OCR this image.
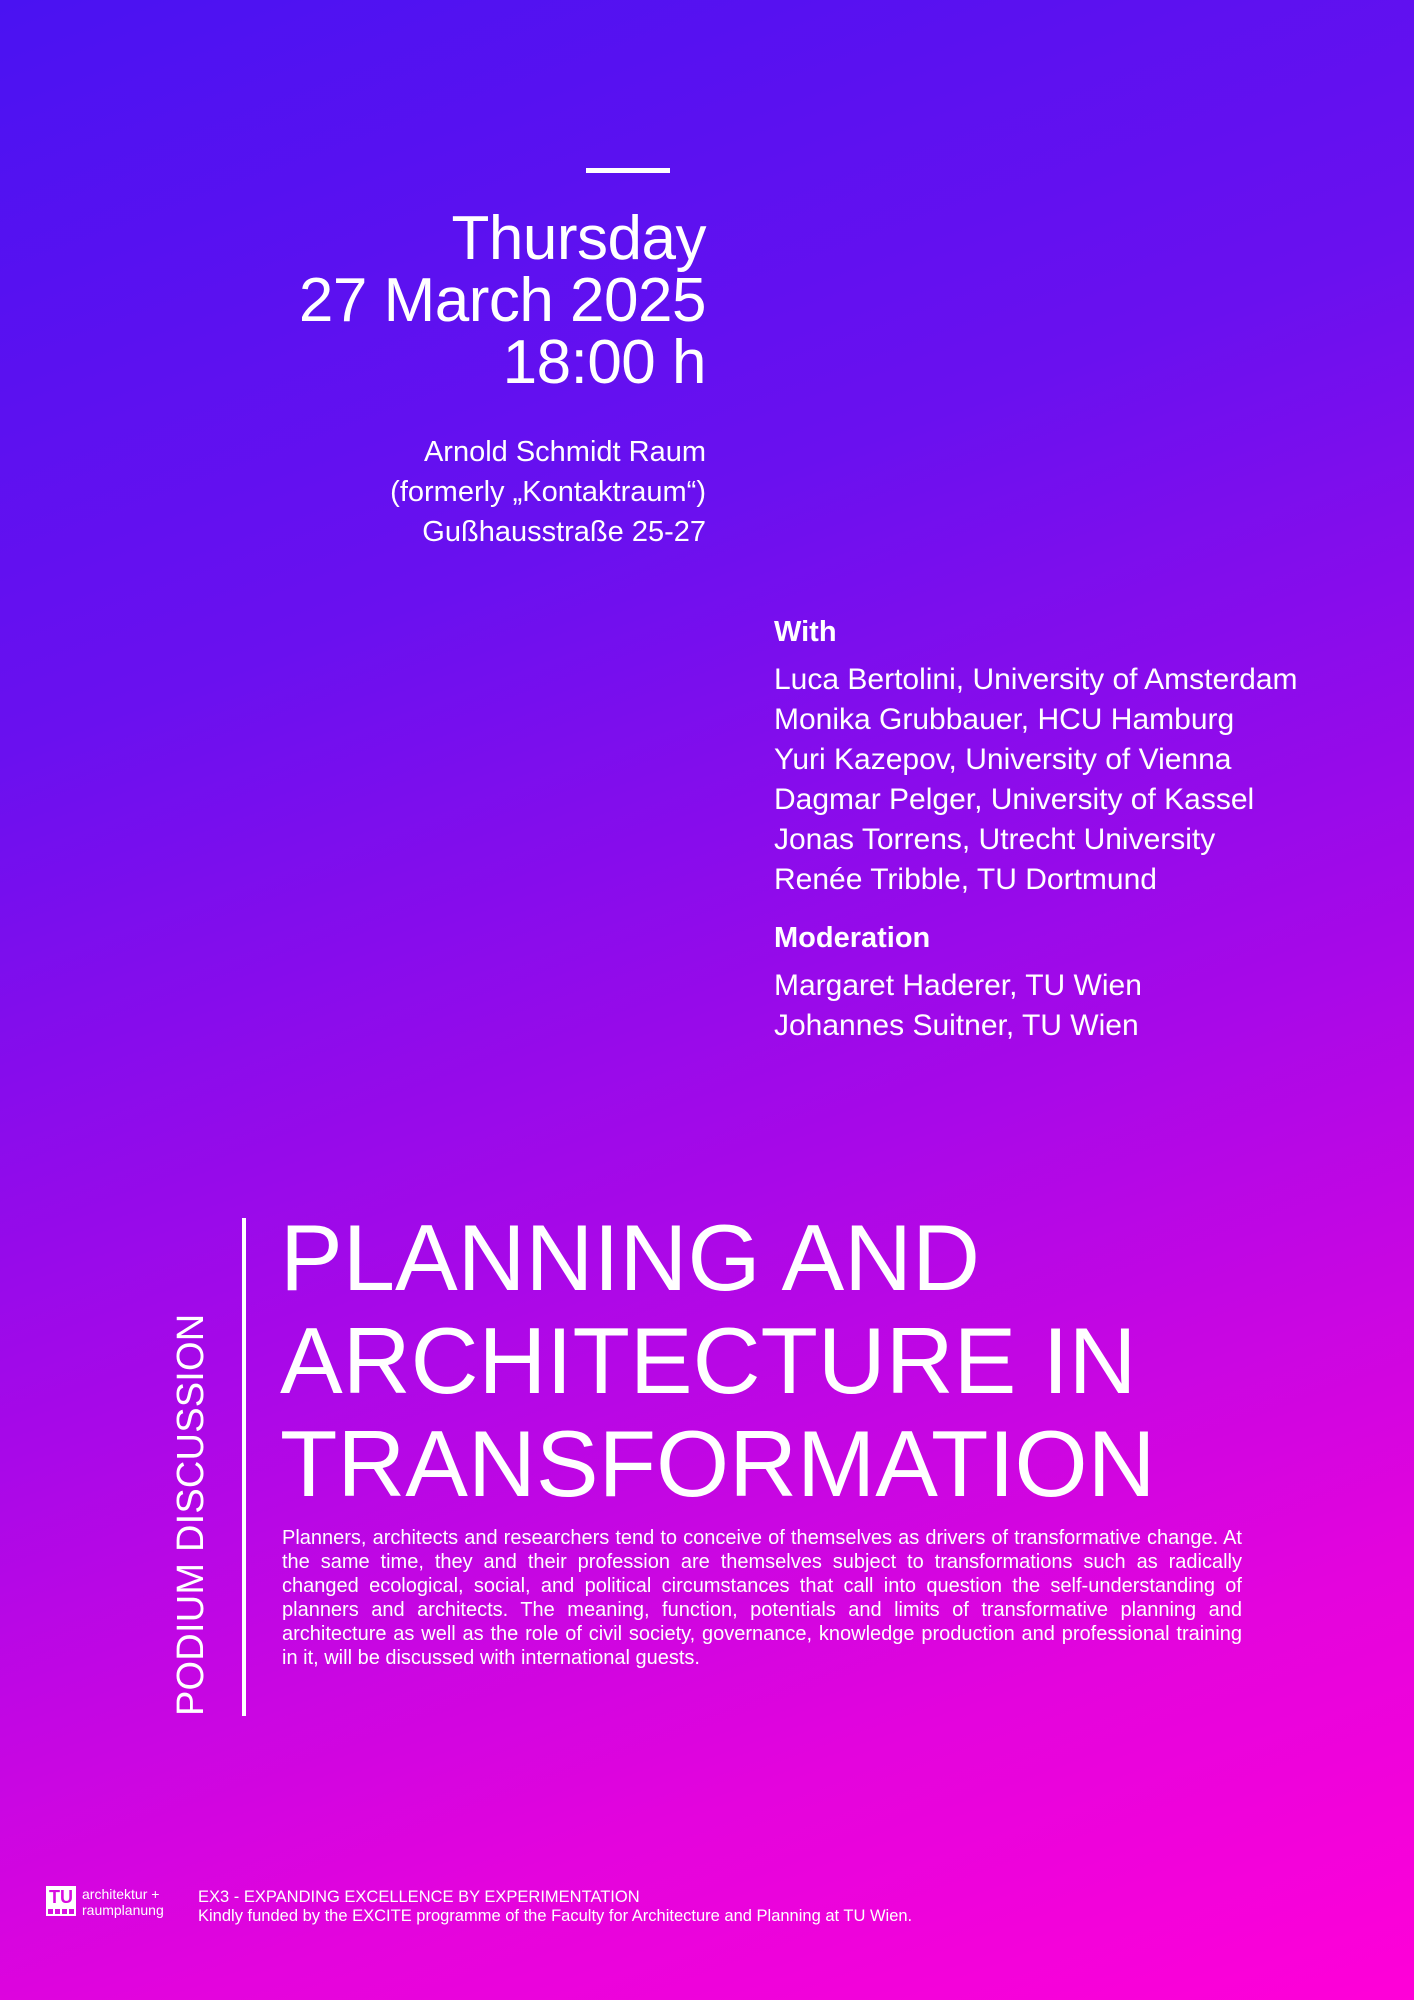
Thursday
27 March 2025
18:00 h
Arnold Schmidt Raum
(formerly „Kontaktraum“)
Gußhausstraße 25-27
With
Luca Bertolini, University of Amsterdam
Monika Grubbauer, HCU Hamburg
Yuri Kazepov, University of Vienna
Dagmar Pelger, University of Kassel
Jonas Torrens, Utrecht University
Renée Tribble, TU Dortmund
Moderation
Margaret Haderer, TU Wien
Johannes Suitner, TU Wien
PODIUM DISCUSSION
PLANNING AND
ARCHITECTURE IN
TRANSFORMATION
Planners, architects and researchers tend to conceive of themselves as drivers of transformative change. At the same time, they and their profession are themselves subject to transformations such as radically changed ecological, social, and political circumstances that call into question the self-understanding of planners and architects. The meaning, function, potentials and limits of transformative planning and architecture as well as the role of civil society, governance, knowledge production and professional training in it, will be discussed with international guests.
TU architektur +
raumplanung
EX3 - EXPANDING EXCELLENCE BY EXPERIMENTATION
Kindly funded by the EXCITE programme of the Faculty for Architecture and Planning at TU Wien.
